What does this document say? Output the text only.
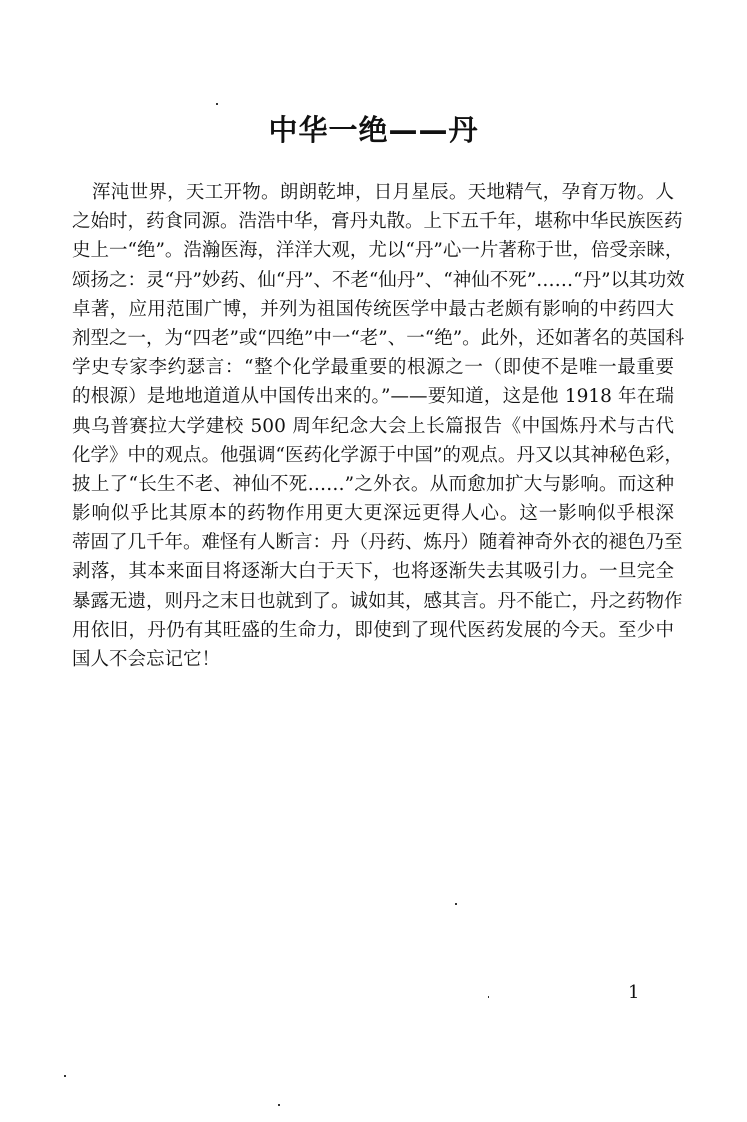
中华一绝——丹
浑沌世界，天工开物。朗朗乾坤，日月星辰。天地精气，孕育万物。人
之始时，药食同源。浩浩中华，膏丹丸散。上下五千年，堪称中华民族医药
史上一“绝”。浩瀚医海，洋洋大观，尤以“丹”心一片著称于世，倍受亲睐，
颂扬之：灵“丹”妙药、仙“丹”、不老“仙丹”、“神仙不死”……“丹”以其功效
卓著，应用范围广博，并列为祖国传统医学中最古老颇有影响的中药四大
剂型之一，为“四老”或“四绝”中一“老”、一“绝”。此外，还如著名的英国科
学史专家李约瑟言：“整个化学最重要的根源之一（即使不是唯一最重要
的根源）是地地道道从中国传出来的。”——要知道，这是他 1918 年在瑞
典乌普赛拉大学建校 500 周年纪念大会上长篇报告《中国炼丹术与古代
化学》中的观点。他强调“医药化学源于中国”的观点。丹又以其神秘色彩，
披上了“长生不老、神仙不死……”之外衣。从而愈加扩大与影响。而这种
影响似乎比其原本的药物作用更大更深远更得人心。这一影响似乎根深
蒂固了几千年。难怪有人断言：丹（丹药、炼丹）随着神奇外衣的褪色乃至
剥落，其本来面目将逐渐大白于天下，也将逐渐失去其吸引力。一旦完全
暴露无遗，则丹之末日也就到了。诚如其，感其言。丹不能亡，丹之药物作
用依旧，丹仍有其旺盛的生命力，即使到了现代医药发展的今天。至少中
国人不会忘记它！
1
